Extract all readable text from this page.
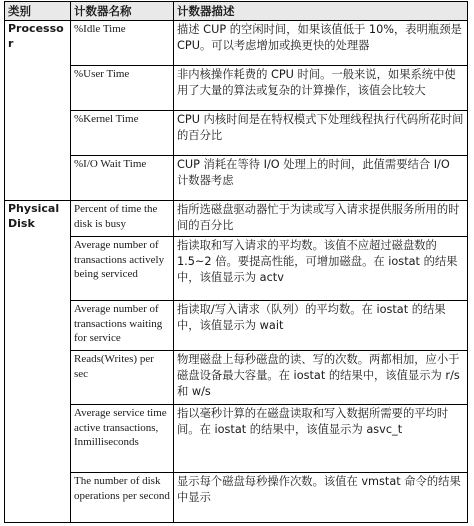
类别	计数器名称	计数器描述
Processor	%Idle Time	描述 CUP 的空闲时间，如果该值低于 10%，表明瓶颈是CPU。可以考虑增加或换更快的处理器
	%User Time	非内核操作耗费的 CPU 时间。一般来说，如果系统中使用了大量的算法或复杂的计算操作，该值会比较大
	%Kernel Time	CPU 内核时间是在特权模式下处理线程执行代码所花时间的百分比
	%I/O Wait Time	CUP 消耗在等待 I/O 处理上的时间，此值需要结合 I/O 计数器考虑
Physical Disk	Percent of time the disk is busy	指所选磁盘驱动器忙于为读或写入请求提供服务所用的时间的百分比
	Average number of transactions actively being serviced	指读取和写入请求的平均数。该值不应超过磁盘数的 1.5~2 倍。要提高性能，可增加磁盘。在 iostat 的结果中，该值显示为 actv
	Average number of transactions waiting for service	指读取/写入请求（队列）的平均数。在 iostat 的结果中，该值显示为 wait
	Reads(Writes) per sec	物理磁盘上每秒磁盘的读、写的次数。两都相加，应小于磁盘设备最大容量。在 iostat 的结果中，该值显示为 r/s 和 w/s
	Average service time active transactions, Inmilliseconds	指以毫秒计算的在磁盘读取和写入数据所需要的平均时间。在 iostat 的结果中，该值显示为 asvc_t
	The number of disk operations per second	显示每个磁盘每秒操作次数。该值在 vmstat 命令的结果中显示
